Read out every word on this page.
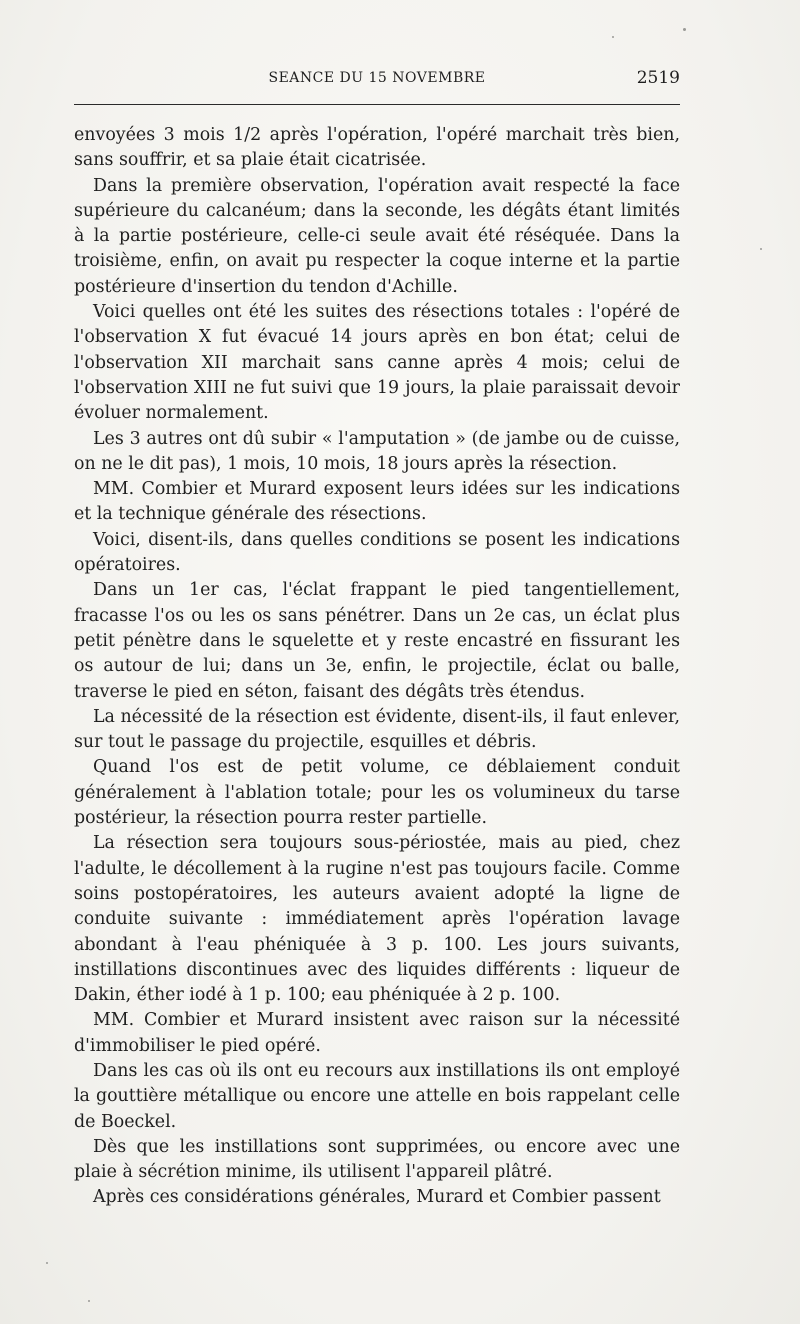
SEANCE DU 15 NOVEMBRE	2519

envoyées 3 mois 1/2 après l'opération, l'opéré marchait très bien, sans souffrir, et sa plaie était cicatrisée.

Dans la première observation, l'opération avait respecté la face supérieure du calcanéum; dans la seconde, les dégâts étant limités à la partie postérieure, celle-ci seule avait été réséquée. Dans la troisième, enfin, on avait pu respecter la coque interne et la partie postérieure d'insertion du tendon d'Achille.

Voici quelles ont été les suites des résections totales : l'opéré de l'observation X fut évacué 14 jours après en bon état; celui de l'observation XII marchait sans canne après 4 mois; celui de l'observation XIII ne fut suivi que 19 jours, la plaie paraissait devoir évoluer normalement.

Les 3 autres ont dû subir « l'amputation » (de jambe ou de cuisse, on ne le dit pas), 1 mois, 10 mois, 18 jours après la résection.

MM. Combier et Murard exposent leurs idées sur les indications et la technique générale des résections.

Voici, disent-ils, dans quelles conditions se posent les indications opératoires.

Dans un 1er cas, l'éclat frappant le pied tangentiellement, fracasse l'os ou les os sans pénétrer. Dans un 2e cas, un éclat plus petit pénètre dans le squelette et y reste encastré en fissurant les os autour de lui; dans un 3e, enfin, le projectile, éclat ou balle, traverse le pied en séton, faisant des dégâts très étendus.

La nécessité de la résection est évidente, disent-ils, il faut enlever, sur tout le passage du projectile, esquilles et débris.

Quand l'os est de petit volume, ce déblaiement conduit généralement à l'ablation totale; pour les os volumineux du tarse postérieur, la résection pourra rester partielle.

La résection sera toujours sous-périostée, mais au pied, chez l'adulte, le décollement à la rugine n'est pas toujours facile. Comme soins postopératoires, les auteurs avaient adopté la ligne de conduite suivante : immédiatement après l'opération lavage abondant à l'eau phéniquée à 3 p. 100. Les jours suivants, instillations discontinues avec des liquides différents : liqueur de Dakin, éther iodé à 1 p. 100; eau phéniquée à 2 p. 100.

MM. Combier et Murard insistent avec raison sur la nécessité d'immobiliser le pied opéré.

Dans les cas où ils ont eu recours aux instillations ils ont employé la gouttière métallique ou encore une attelle en bois rappelant celle de Boeckel.

Dès que les instillations sont supprimées, ou encore avec une plaie à sécrétion minime, ils utilisent l'appareil plâtré.

Après ces considérations générales, Murard et Combier passent
